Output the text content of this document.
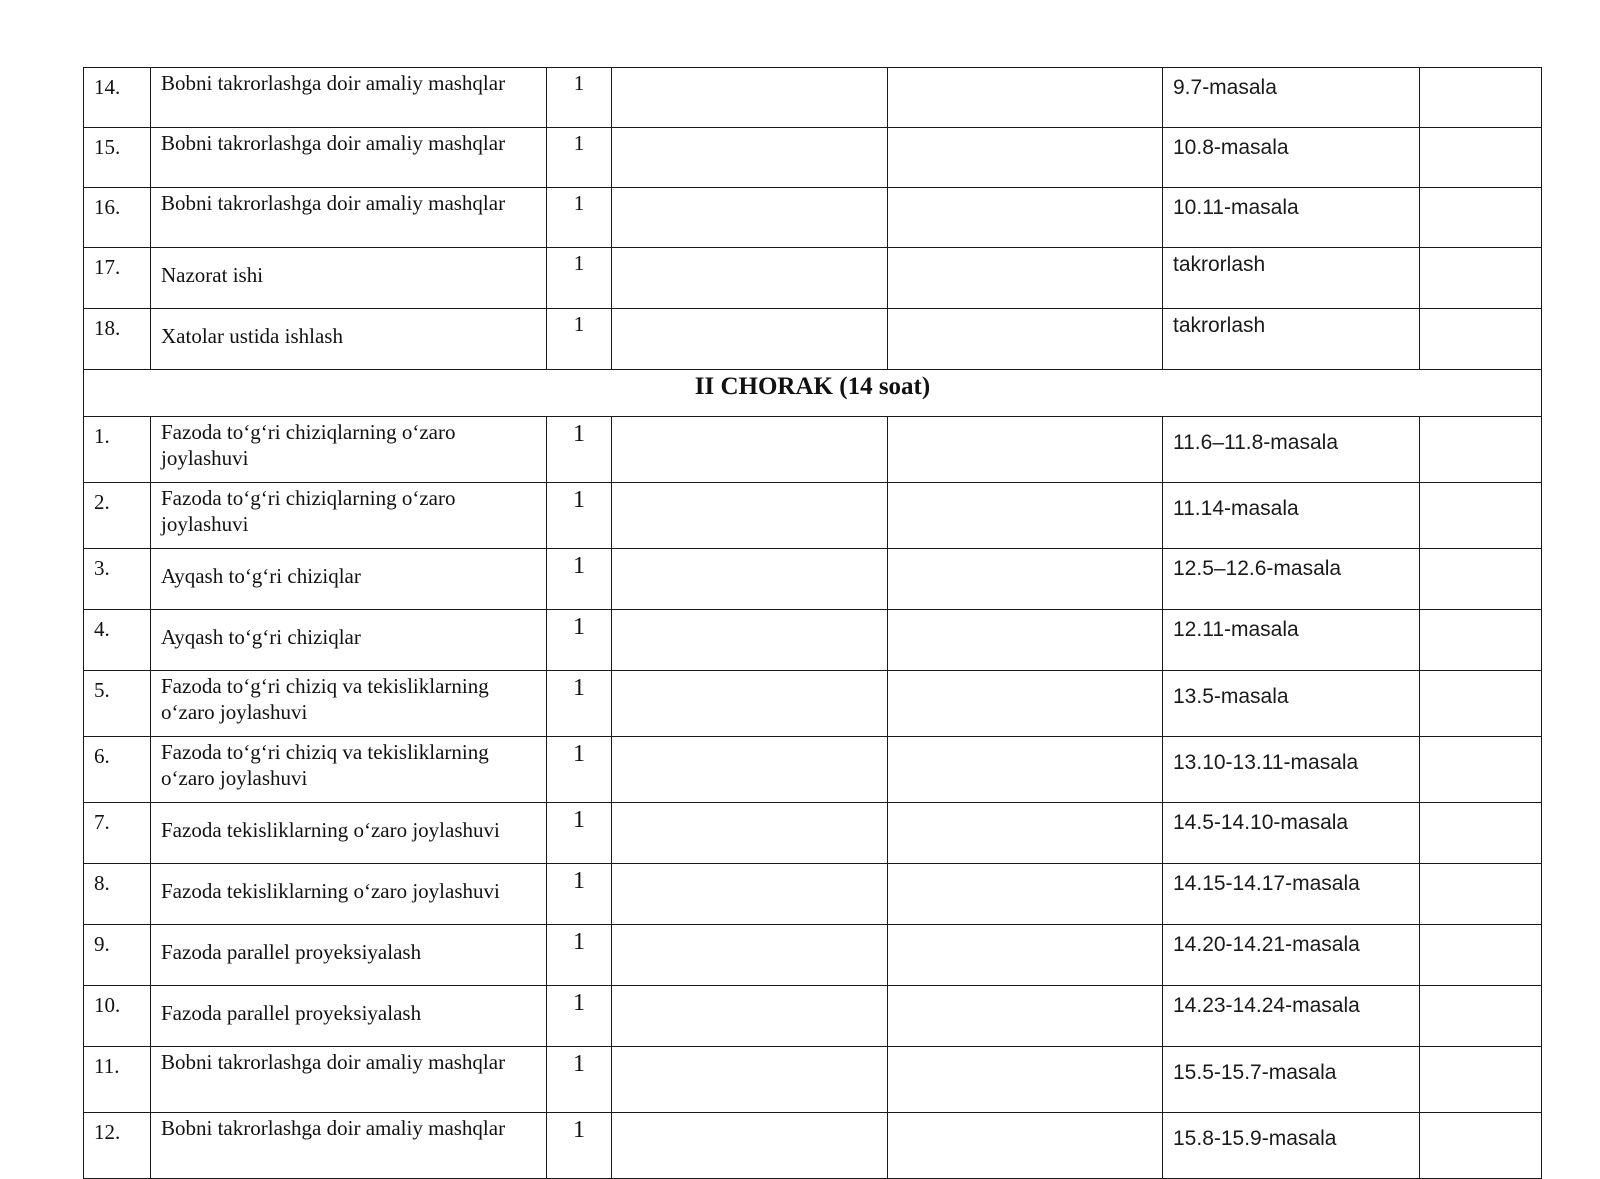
14.	Bobni takrorlashga doir amaliy mashqlar	1			9.7-masala	
15.	Bobni takrorlashga doir amaliy mashqlar	1			10.8-masala	
16.	Bobni takrorlashga doir amaliy mashqlar	1			10.11-masala	
17.	Nazorat ishi	1			takrorlash	
18.	Xatolar ustida ishlash	1			takrorlash	
II CHORAK (14 soat)						
1.	Fazoda to‘g‘ri chiziqlarning o‘zaro joylashuvi	1			11.6–11.8-masala	
2.	Fazoda to‘g‘ri chiziqlarning o‘zaro joylashuvi	1			11.14-masala	
3.	Ayqash to‘g‘ri chiziqlar	1			12.5–12.6-masala	
4.	Ayqash to‘g‘ri chiziqlar	1			12.11-masala	
5.	Fazoda to‘g‘ri chiziq va tekisliklarning o‘zaro joylashuvi	1			13.5-masala	
6.	Fazoda to‘g‘ri chiziq va tekisliklarning o‘zaro joylashuvi	1			13.10-13.11-masala	
7.	Fazoda tekisliklarning o‘zaro joylashuvi	1			14.5-14.10-masala	
8.	Fazoda tekisliklarning o‘zaro joylashuvi	1			14.15-14.17-masala	
9.	Fazoda parallel proyeksiyalash	1			14.20-14.21-masala	
10.	Fazoda parallel proyeksiyalash	1			14.23-14.24-masala	
11.	Bobni takrorlashga doir amaliy mashqlar	1			15.5-15.7-masala	
12.	Bobni takrorlashga doir amaliy mashqlar	1			15.8-15.9-masala	
